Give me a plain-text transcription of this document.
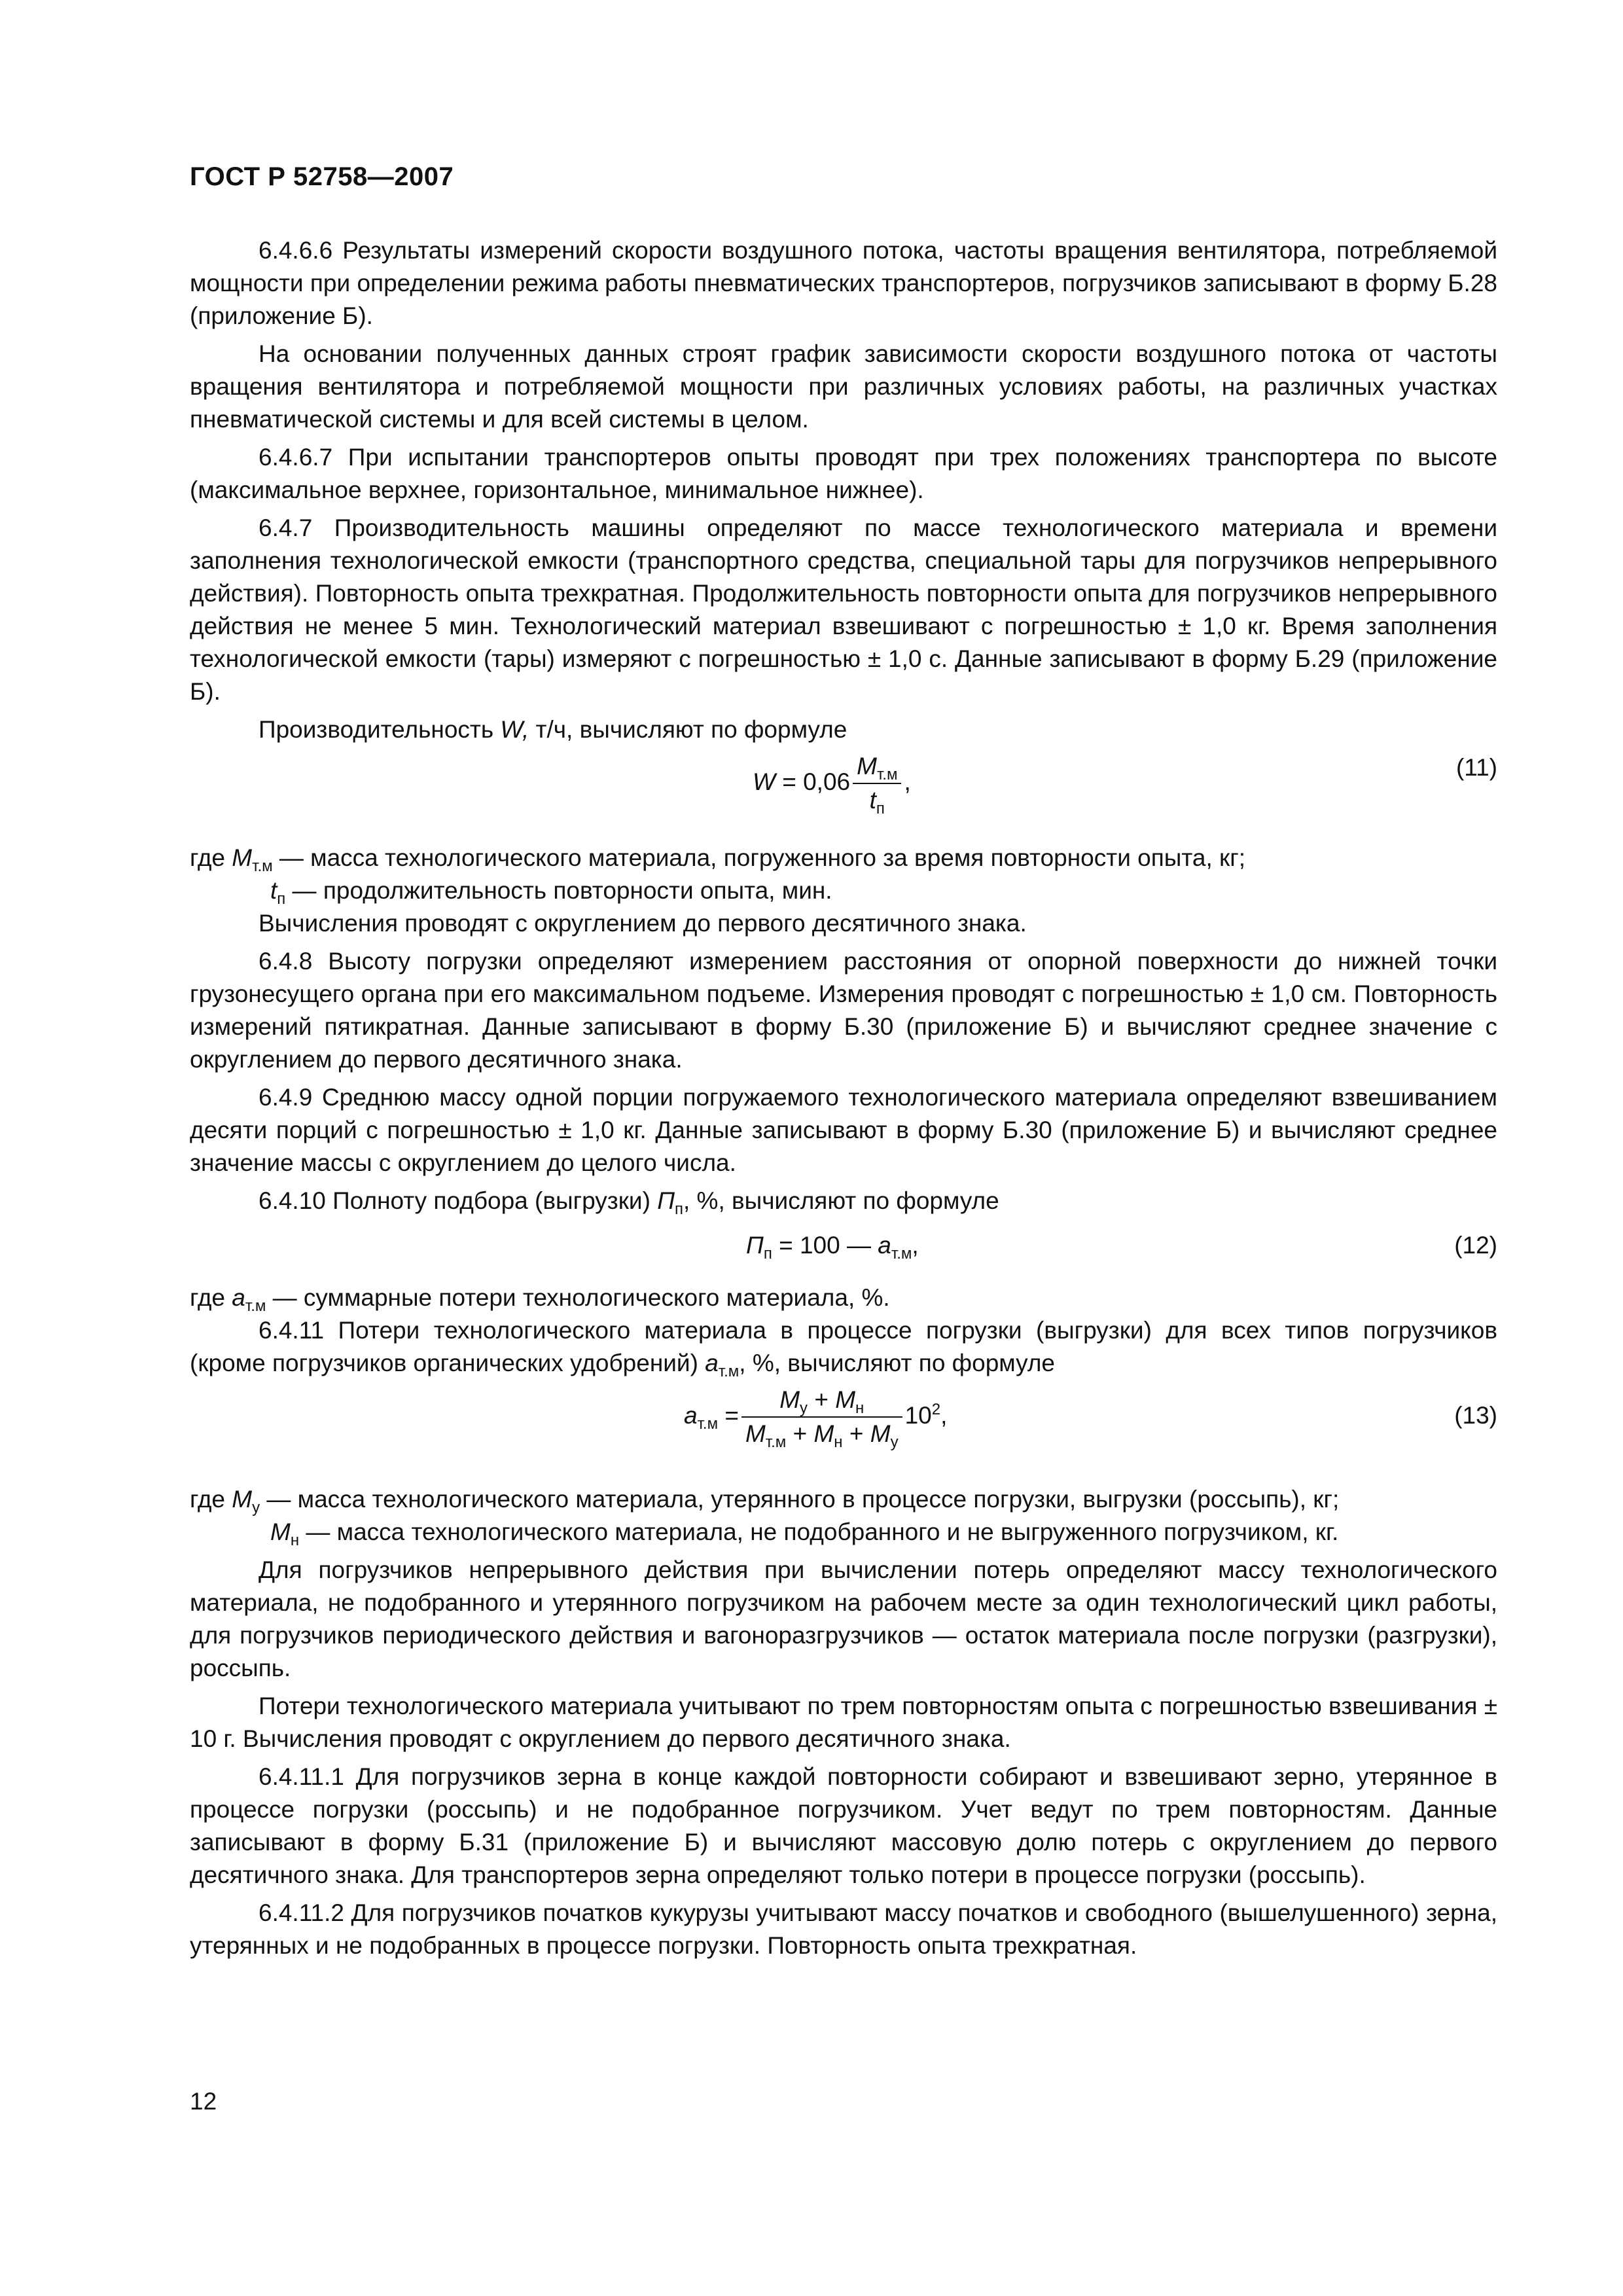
ГОСТ Р 52758—2007

6.4.6.6 Результаты измерений скорости воздушного потока, частоты вращения вентилятора, потребляемой мощности при определении режима работы пневматических транспортеров, погрузчиков записывают в форму Б.28 (приложение Б).

На основании полученных данных строят график зависимости скорости воздушного потока от частоты вращения вентилятора и потребляемой мощности при различных условиях работы, на различных участках пневматической системы и для всей системы в целом.

6.4.6.7 При испытании транспортеров опыты проводят при трех положениях транспортера по высоте (максимальное верхнее, горизонтальное, минимальное нижнее).

6.4.7 Производительность машины определяют по массе технологического материала и времени заполнения технологической емкости (транспортного средства, специальной тары для погрузчиков непрерывного действия). Повторность опыта трехкратная. Продолжительность повторности опыта для погрузчиков непрерывного действия не менее 5 мин. Технологический материал взвешивают с погрешностью ± 1,0 кг. Время заполнения технологической емкости (тары) измеряют с погрешностью ± 1,0 с. Данные записывают в форму Б.29 (приложение Б).

Производительность W, т/ч, вычисляют по формуле

$W = 0,06 \frac{M_{т.м}}{t_п}$ ,
(11)

где $M_{т.м}$ — масса технологического материала, погруженного за время повторности опыта, кг;

$t_п$ — продолжительность повторности опыта, мин.

Вычисления проводят с округлением до первого десятичного знака.

6.4.8 Высоту погрузки определяют измерением расстояния от опорной поверхности до нижней точки грузонесущего органа при его максимальном подъеме. Измерения проводят с погрешностью ± 1,0 см. Повторность измерений пятикратная. Данные записывают в форму Б.30 (приложение Б) и вычисляют среднее значение с округлением до первого десятичного знака.

6.4.9 Среднюю массу одной порции погружаемого технологического материала определяют взвешиванием десяти порций с погрешностью ± 1,0 кг. Данные записывают в форму Б.30 (приложение Б) и вычисляют среднее значение массы с округлением до целого числа.

6.4.10 Полноту подбора (выгрузки) $П_п$, %, вычисляют по формуле

$П_п = 100$ — $a_{т.м}$,	(12)

где $a_{т.м}$ — суммарные потери технологического материала, %.

6.4.11 Потери технологического материала в процессе погрузки (выгрузки) для всех типов погрузчиков (кроме погрузчиков органических удобрений) $a_{т.м}$, %, вычисляют по формуле

$a_{т.м} = \frac{M_у + M_н}{M_{т.м} + M_н + M_у} 10^2$,	(13)

где $M_у$ — масса технологического материала, утерянного в процессе погрузки, выгрузки (россыпь), кг;

$M_н$ — масса технологического материала, не подобранного и не выгруженного погрузчиком, кг.

Для погрузчиков непрерывного действия при вычислении потерь определяют массу технологического материала, не подобранного и утерянного погрузчиком на рабочем месте за один технологический цикл работы, для погрузчиков периодического действия и вагоноразгрузчиков — остаток материала после погрузки (разгрузки), россыпь.

Потери технологического материала учитывают по трем повторностям опыта с погрешностью взвешивания ± 10 г. Вычисления проводят с округлением до первого десятичного знака.

6.4.11.1 Для погрузчиков зерна в конце каждой повторности собирают и взвешивают зерно, утерянное в процессе погрузки (россыпь) и не подобранное погрузчиком. Учет ведут по трем повторностям. Данные записывают в форму Б.31 (приложение Б) и вычисляют массовую долю потерь с округлением до первого десятичного знака. Для транспортеров зерна определяют только потери в процессе погрузки (россыпь).

6.4.11.2 Для погрузчиков початков кукурузы учитывают массу початков и свободного (вышелушенного) зерна, утерянных и не подобранных в процессе погрузки. Повторность опыта трехкратная.

12
